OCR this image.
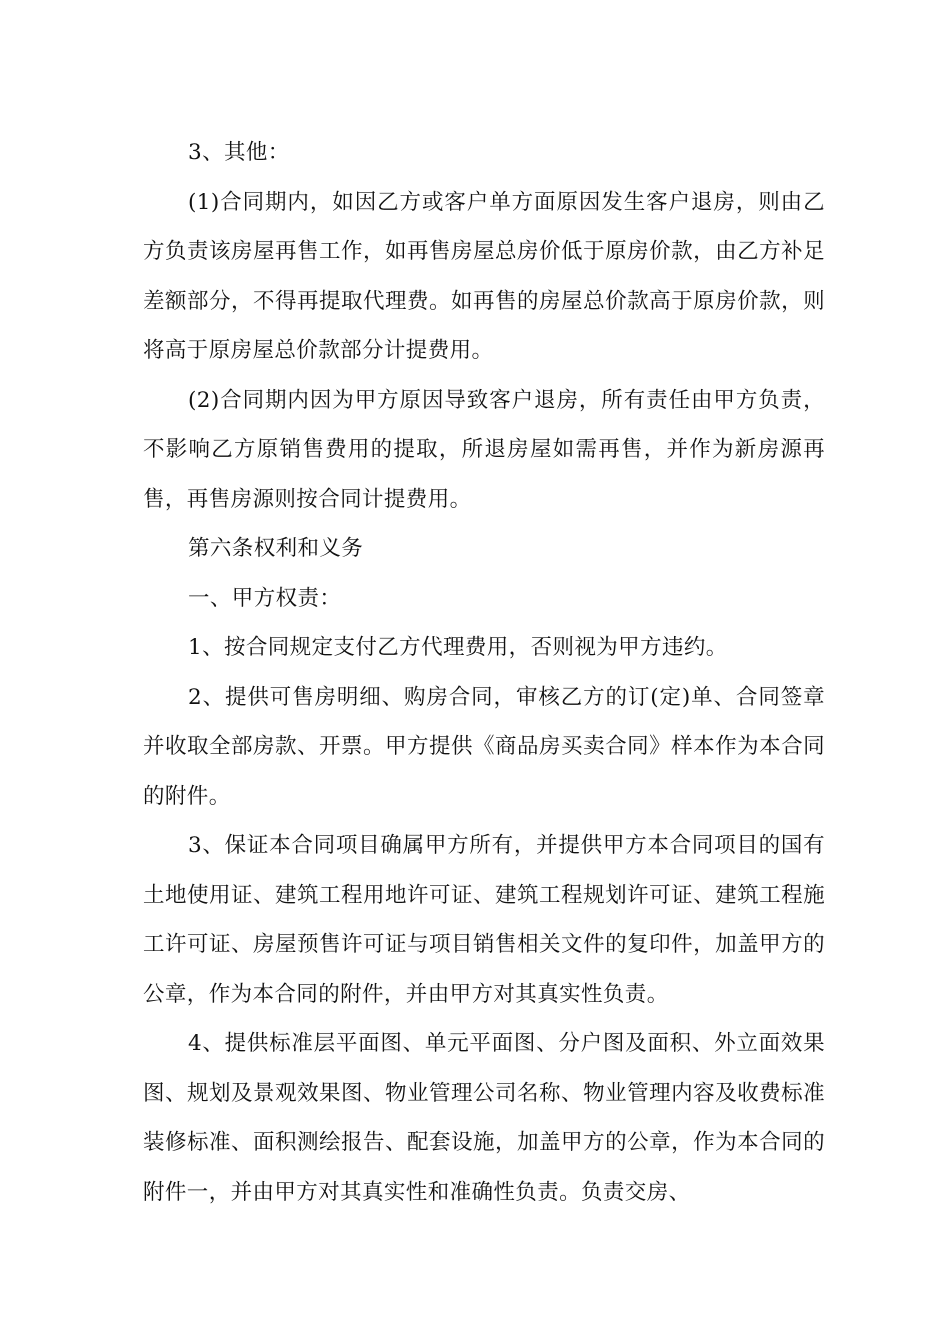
3、其他：

(1)合同期内，如因乙方或客户单方面原因发生客户退房，则由乙方负责该房屋再售工作，如再售房屋总房价低于原房价款，由乙方补足差额部分，不得再提取代理费。如再售的房屋总价款高于原房价款，则将高于原房屋总价款部分计提费用。

(2)合同期内因为甲方原因导致客户退房，所有责任由甲方负责，不影响乙方原销售费用的提取，所退房屋如需再售，并作为新房源再售，再售房源则按合同计提费用。

第六条权利和义务

一、甲方权责：

1、按合同规定支付乙方代理费用，否则视为甲方违约。

2、提供可售房明细、购房合同，审核乙方的订(定)单、合同签章并收取全部房款、开票。甲方提供《商品房买卖合同》样本作为本合同的附件。

3、保证本合同项目确属甲方所有，并提供甲方本合同项目的国有土地使用证、建筑工程用地许可证、建筑工程规划许可证、建筑工程施工许可证、房屋预售许可证与项目销售相关文件的复印件，加盖甲方的公章，作为本合同的附件，并由甲方对其真实性负责。

4、提供标准层平面图、单元平面图、分户图及面积、外立面效果图、规划及景观效果图、物业管理公司名称、物业管理内容及收费标准装修标准、面积测绘报告、配套设施，加盖甲方的公章，作为本合同的附件一，并由甲方对其真实性和准确性负责。负责交房、
